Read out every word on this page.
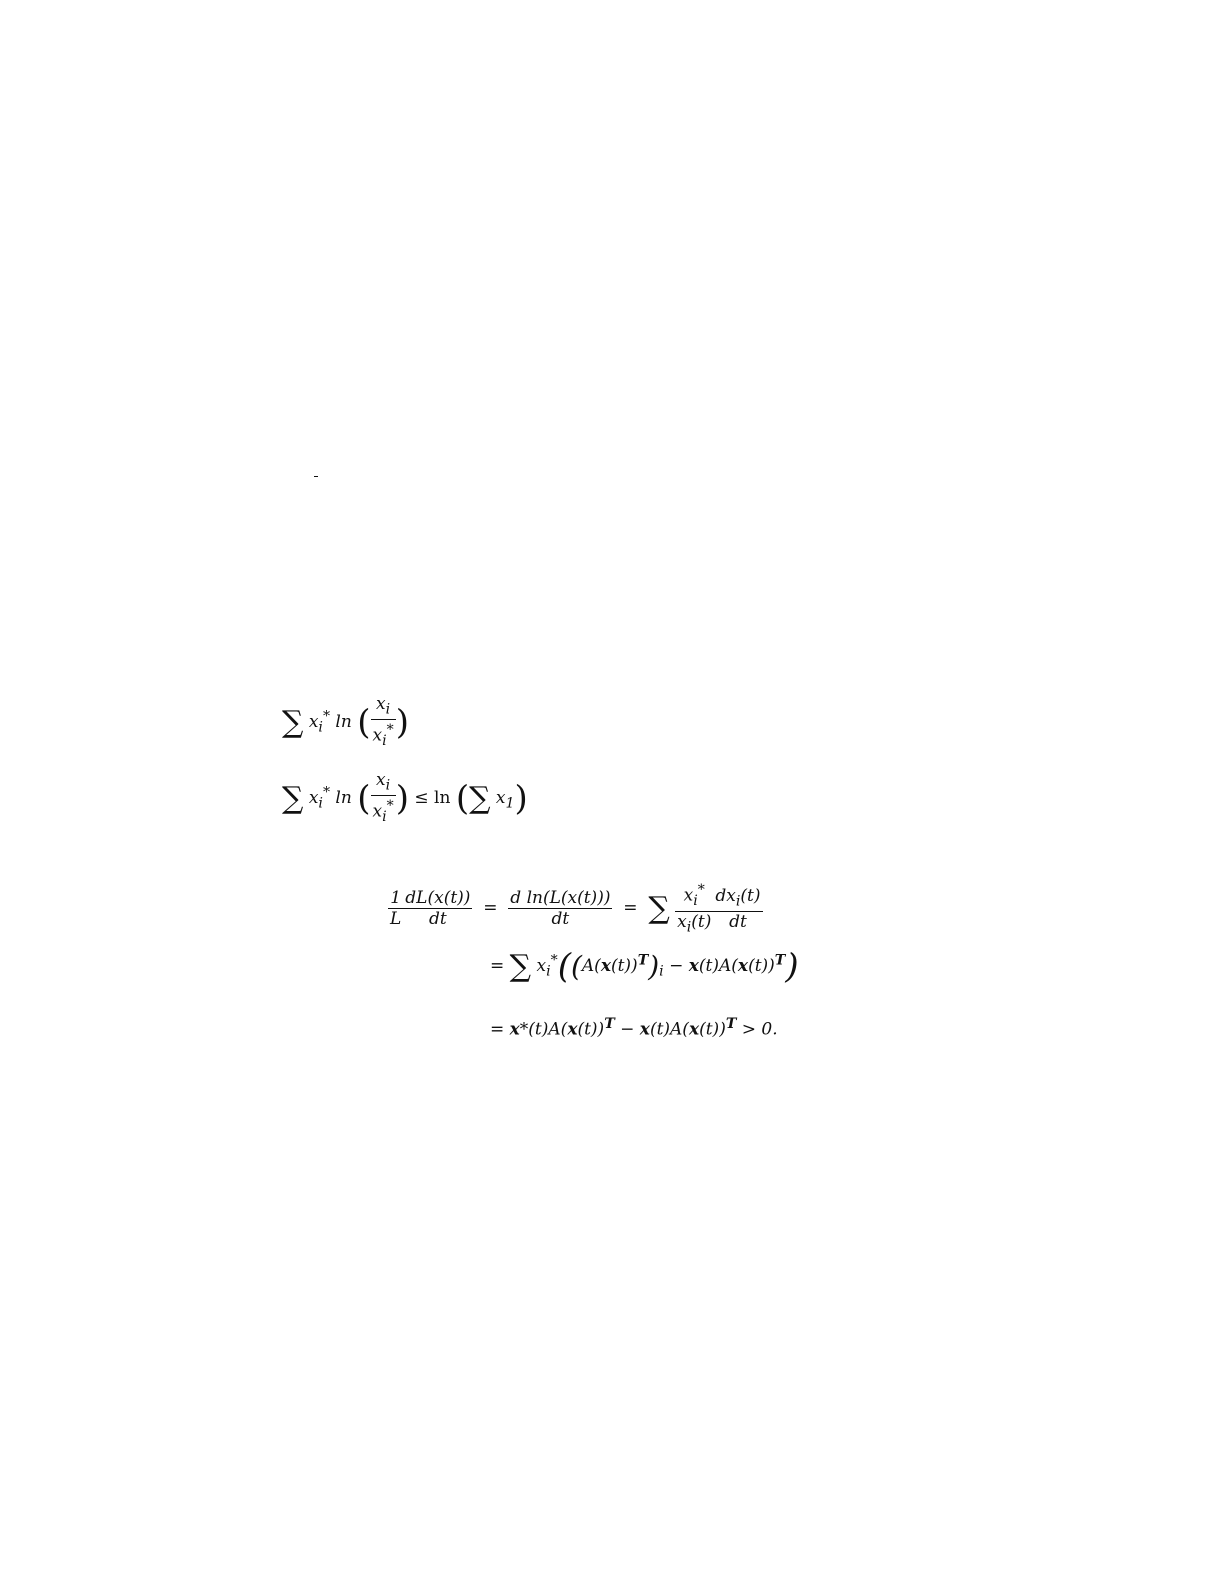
∑ $x_i^*$ ln ( $\frac{x_i}{x_i^*}$ )
∑ $x_i^*$ ln ( $\frac{x_i}{x_i^*}$ ) ≤ ln ( ∑ $x_1$)
$\frac{1}{L} \frac{dL(x(t))}{dt} = \frac{\text{d ln(L(x(t)))}}{dt}$ = ∑
$\frac{x_i^*}{x_i(t)} \frac{dx_i(t)}{dt}$
= ∑ $x_i^*((A(x(t))^T)_i - x(t)A(x(t))^T)$
= $x*(t)A(x(t))^T - x(t)A(x(t))^T > 0$.
